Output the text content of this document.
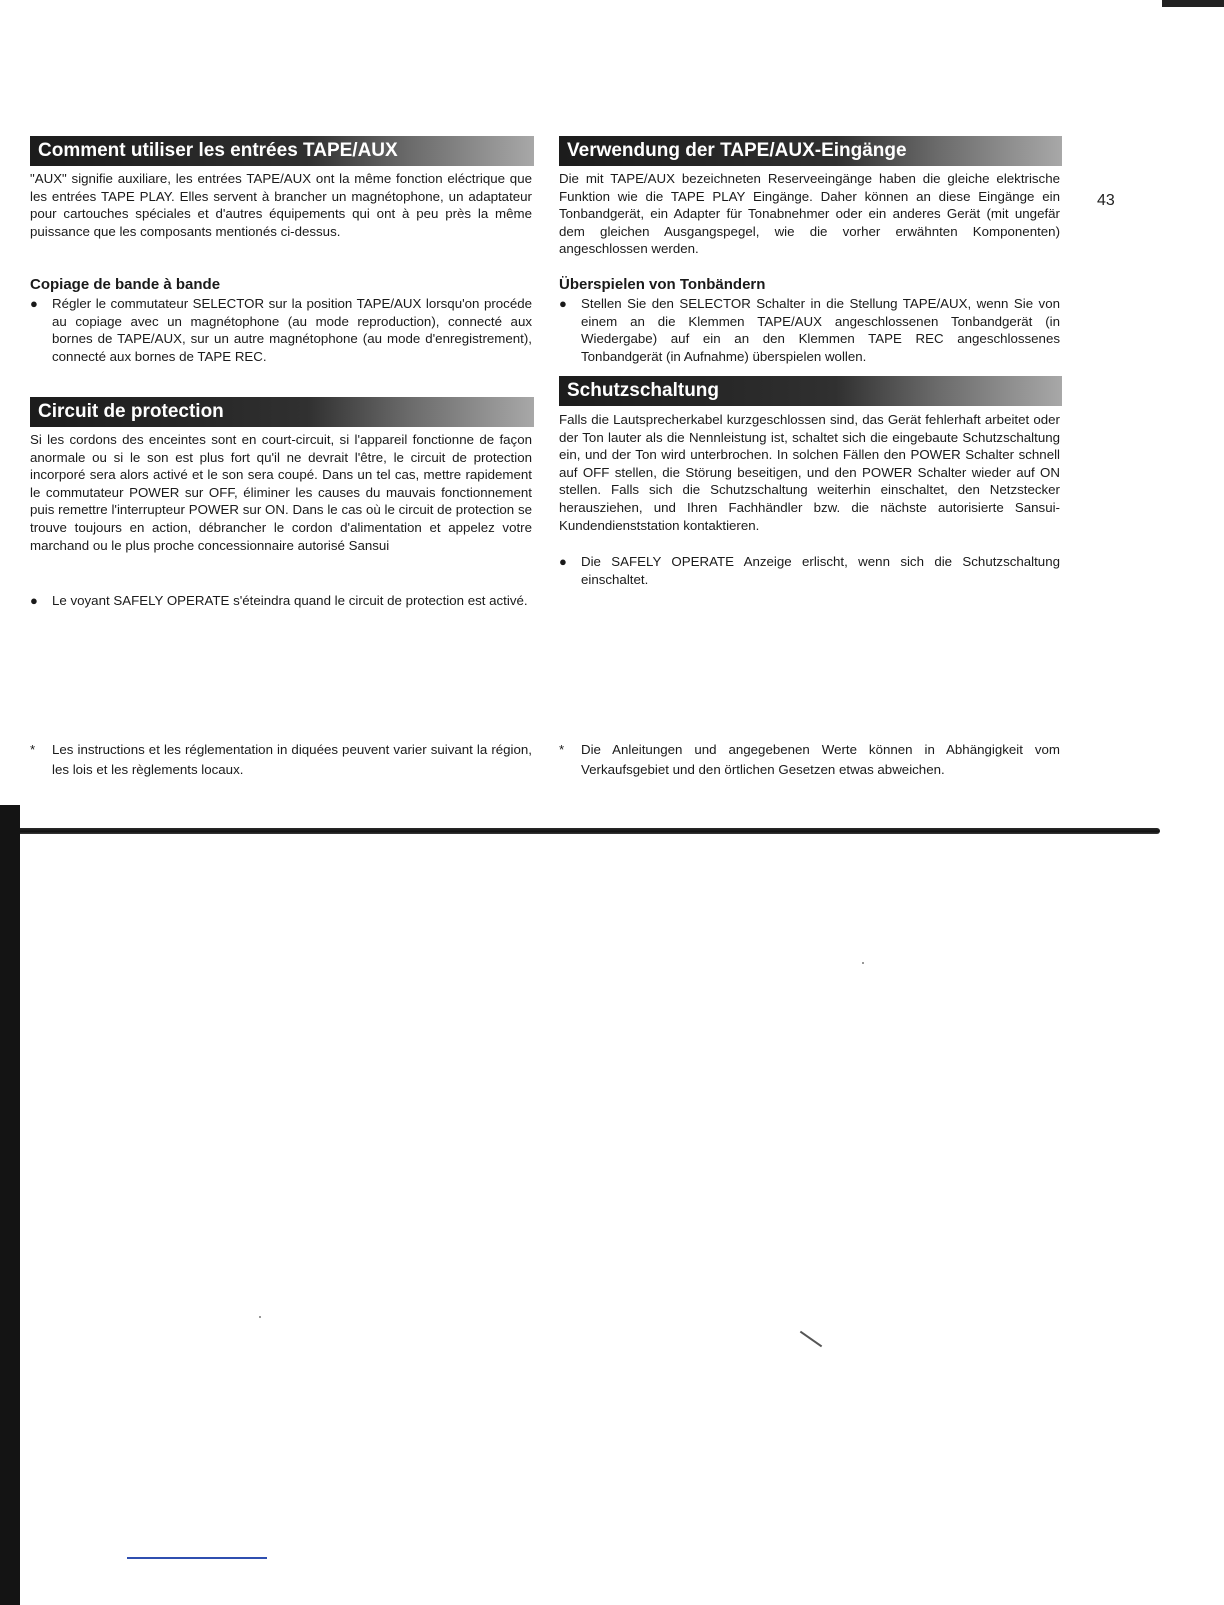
Comment utiliser les entrées TAPE/AUX

"AUX" signifie auxiliare, les entrées TAPE/AUX ont la même fonction eléctrique que les entrées TAPE PLAY. Elles servent à brancher un magnétophone, un adaptateur pour cartouches spéciales et d'autres équipements qui ont à peu près la même puissance que les composants mentionés ci-dessus.

Copiage de bande à bande

● Régler le commutateur SELECTOR sur la position TAPE/AUX lorsqu'on procéde au copiage avec un magnétophone (au mode reproduction), connecté aux bornes de TAPE/AUX, sur un autre magnétophone (au mode d'enregistrement), connecté aux bornes de TAPE REC.
Circuit de protection

Si les cordons des enceintes sont en court-circuit, si l'appareil fonctionne de façon anormale ou si le son est plus fort qu'il ne devrait l'être, le circuit de protection incorporé sera alors activé et le son sera coupé. Dans un tel cas, mettre rapidement le commutateur POWER sur OFF, éliminer les causes du mauvais fonctionnement puis remettre l'interrupteur POWER sur ON. Dans le cas où le circuit de protection se trouve toujours en action, débrancher le cordon d'alimentation et appelez votre marchand ou le plus proche concessionnaire autorisé Sansui

● Le voyant SAFELY OPERATE s'éteindra quand le circuit de protection est activé.
* Les instructions et les réglementation in diquées peuvent varier suivant la région, les lois et les règlements locaux.
Verwendung der TAPE/AUX-Eingänge

Die mit TAPE/AUX bezeichneten Reserveeingänge haben die gleiche elektrische Funktion wie die TAPE PLAY Eingänge. Daher können an diese Eingänge ein Tonbandgerät, ein Adapter für Tonabnehmer oder ein anderes Gerät (mit ungefär dem gleichen Ausgangspegel, wie die vorher erwähnten Komponenten) angeschlossen werden.

43

Überspielen von Tonbändern

● Stellen Sie den SELECTOR Schalter in die Stellung TAPE/AUX, wenn Sie von einem an die Klemmen TAPE/AUX angeschlossenen Tonbandgerät (in Wiedergabe) auf ein an den Klemmen TAPE REC angeschlossenes Tonbandgerät (in Aufnahme) überspielen wollen.
Schutzschaltung

Falls die Lautsprecherkabel kurzgeschlossen sind, das Gerät fehlerhaft arbeitet oder der Ton lauter als die Nennleistung ist, schaltet sich die eingebaute Schutzschaltung ein, und der Ton wird unterbrochen. In solchen Fällen den POWER Schalter schnell auf OFF stellen, die Störung beseitigen, und den POWER Schalter wieder auf ON stellen. Falls sich die Schutzschaltung weiterhin einschaltet, den Netzstecker herausziehen, und Ihren Fachhändler bzw. die nächste autorisierte Sansui-Kundendienststation kontaktieren.

● Die SAFELY OPERATE Anzeige erlischt, wenn sich die Schutzschaltung einschaltet.
* Die Anleitungen und angegebenen Werte können in Abhängigkeit vom Verkaufsgebiet und den örtlichen Gesetzen etwas abweichen.
